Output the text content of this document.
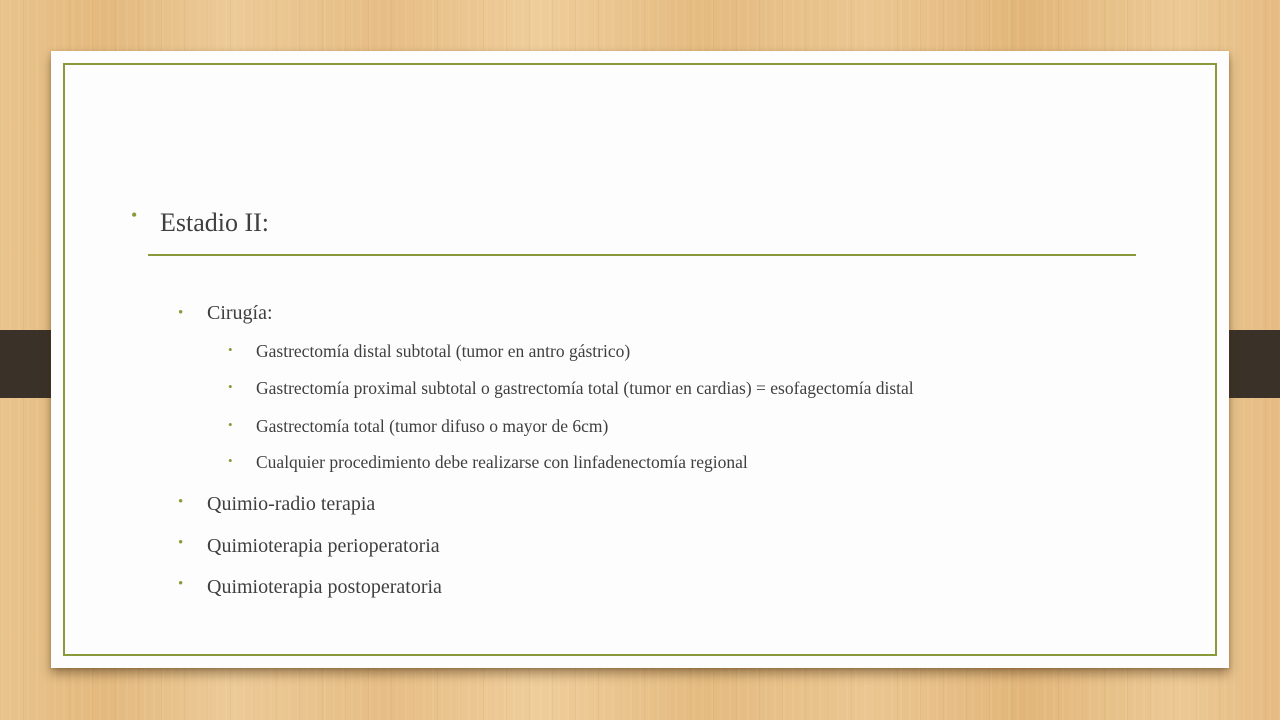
• Estadio II:
• Cirugía:
• Gastrectomía distal subtotal (tumor en antro gástrico)
• Gastrectomía proximal subtotal o gastrectomía total (tumor en cardias) = esofagectomía distal
• Gastrectomía total (tumor difuso o mayor de 6cm)
• Cualquier procedimiento debe realizarse con linfadenectomía regional
• Quimio-radio terapia
• Quimioterapia perioperatoria
• Quimioterapia postoperatoria
